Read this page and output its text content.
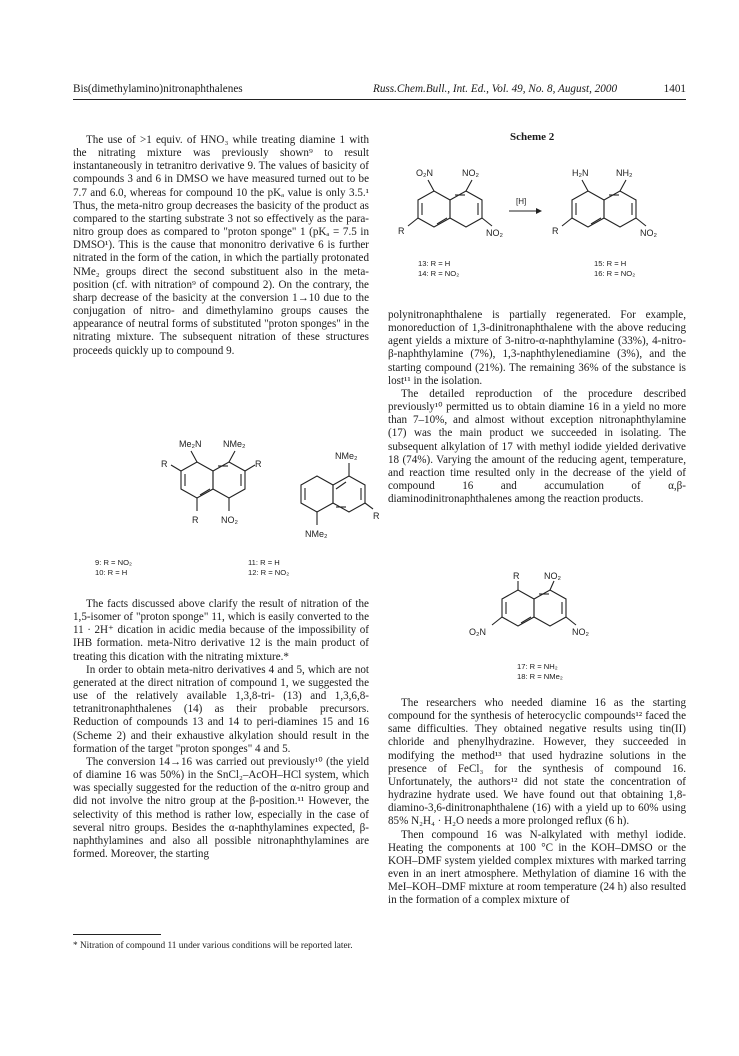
Bis(dimethylamino)nitronaphthalenes	Russ.Chem.Bull., Int. Ed., Vol. 49, No. 8, August, 2000	1401

The use of >1 equiv. of HNO₃ while treating diamine 1 with the nitrating mixture was previously shown⁹ to result instantaneously in tetranitro derivative 9. The values of basicity of compounds 3 and 6 in DMSO we have measured turned out to be 7.7 and 6.0, whereas for compound 10 the pKₐ value is only 3.5.¹ Thus, the meta-nitro group decreases the basicity of the product as compared to the starting substrate 3 not so effectively as the para-nitro group does as compared to "proton sponge" 1 (pKₐ = 7.5 in DMSO¹). This is the cause that mononitro derivative 6 is further nitrated in the form of the cation, in which the partially protonated NMe₂ groups direct the second substituent also in the meta-position (cf. with nitration⁹ of compound 2). On the contrary, the sharp decrease of the basicity at the conversion 1→10 due to the conjugation of nitro- and dimethylamino groups causes the appearance of neutral forms of substituted "proton sponges" in the nitrating mixture. The subsequent nitration of these structures proceeds quickly up to compound 9.

Me₂N NMe₂
R	R
R	NO₂
NMe₂
NMe₂
R
9: R = NO₂
10: R = H
11: R = H
12: R = NO₂

The facts discussed above clarify the result of nitration of the 1,5-isomer of "proton sponge" 11, which is easily converted to the 11 · 2H⁺ dication in acidic media because of the impossibility of IHB formation. meta-Nitro derivative 12 is the main product of treating this dication with the nitrating mixture.*

In order to obtain meta-nitro derivatives 4 and 5, which are not generated at the direct nitration of compound 1, we suggested the use of the relatively available 1,3,8-tri- (13) and 1,3,6,8-tetranitronaphthalenes (14) as their probable precursors. Reduction of compounds 13 and 14 to peri-diamines 15 and 16 (Scheme 2) and their exhaustive alkylation should result in the formation of the target "proton sponges" 4 and 5.

The conversion 14→16 was carried out previously¹⁰ (the yield of diamine 16 was 50%) in the SnCl₂–AcOH–HCl system, which was specially suggested for the reduction of the α-nitro group and did not involve the nitro group at the β-position.¹¹ However, the selectivity of this method is rather low, especially in the case of several nitro groups. Besides the α-naphthylamines expected, β-naphthylamines and also all possible nitronaphthylamines are formed. Moreover, the starting

* Nitration of compound 11 under various conditions will be reported later.
Scheme 2
O₂N	NO₂
R	NO₂
[H]
H₂N	NH₂
R	NO₂
13: R = H
14: R = NO₂
15: R = H
16: R = NO₂

polynitronaphthalene is partially regenerated. For example, monoreduction of 1,3-dinitronaphthalene with the above reducing agent yields a mixture of 3-nitro-α-naphthylamine (33%), 4-nitro-β-naphthylamine (7%), 1,3-naphthylenediamine (3%), and the starting compound (21%). The remaining 36% of the substance is lost¹¹ in the isolation.

The detailed reproduction of the procedure described previously¹⁰ permitted us to obtain diamine 16 in a yield no more than 7–10%, and almost without exception nitronaphthylamine (17) was the main product we succeeded in isolating. The subsequent alkylation of 17 with methyl iodide yielded derivative 18 (74%). Varying the amount of the reducing agent, temperature, and reaction time resulted only in the decrease of the yield of compound 16 and accumulation of α,β-diaminodinitronaphthalenes among the reaction products.

R	NO₂
O₂N	NO₂
17: R = NH₂
18: R = NMe₂

The researchers who needed diamine 16 as the starting compound for the synthesis of heterocyclic compounds¹² faced the same difficulties. They obtained negative results using tin(II) chloride and phenylhydrazine. However, they succeeded in modifying the method¹³ that used hydrazine solutions in the presence of FeCl₃ for the synthesis of compound 16. Unfortunately, the authors¹² did not state the concentration of hydrazine hydrate used. We have found out that obtaining 1,8-diamino-3,6-dinitronaphthalene (16) with a yield up to 60% using 85% N₂H₄ · H₂O needs a more prolonged reflux (6 h).

Then compound 16 was N-alkylated with methyl iodide. Heating the components at 100 °C in the KOH–DMSO or the KOH–DMF system yielded complex mixtures with marked tarring even in an inert atmosphere. Methylation of diamine 16 with the MeI–KOH–DMF mixture at room temperature (24 h) also resulted in the formation of a complex mixture of
